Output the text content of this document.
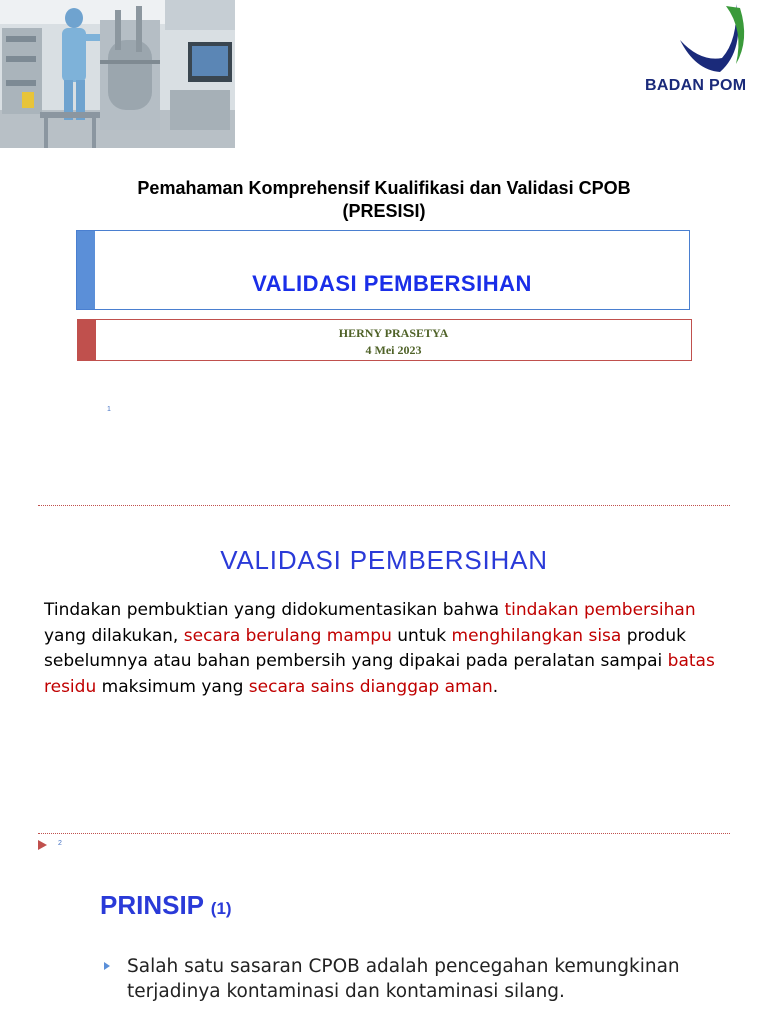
BADAN POM
Pemahaman Komprehensif Kualifikasi dan Validasi CPOB
(PRESISI)
VALIDASI PEMBERSIHAN
HERNY PRASETYA
4 Mei 2023
1
VALIDASI PEMBERSIHAN
Tindakan pembuktian yang didokumentasikan bahwa tindakan pembersihan yang dilakukan, secara berulang mampu untuk menghilangkan sisa produk sebelumnya atau bahan pembersih yang dipakai pada peralatan sampai batas residu maksimum yang secara sains dianggap aman.
2
PRINSIP (1)
Salah satu sasaran CPOB adalah pencegahan kemungkinan terjadinya kontaminasi dan kontaminasi silang.
